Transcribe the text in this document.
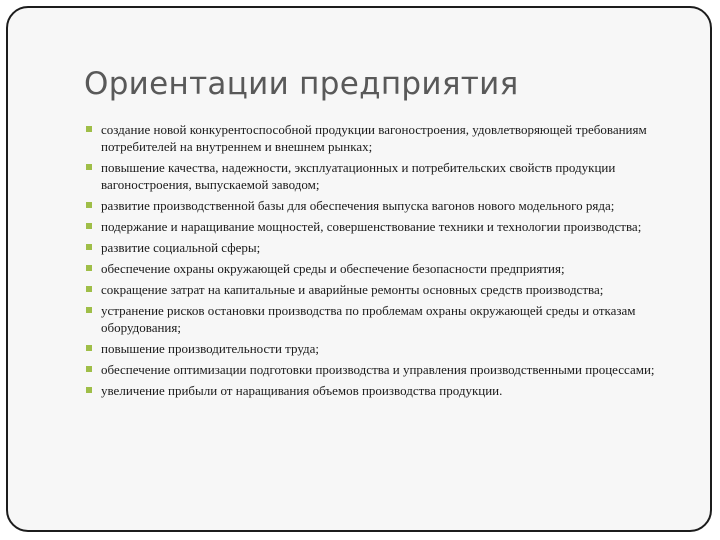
Ориентации предприятия
создание новой конкурентоспособной продукции вагоностроения, удовлетворяющей требованиям потребителей на внутреннем и внешнем рынках;
повышение качества, надежности, эксплуатационных и потребительских свойств продукции вагоностроения, выпускаемой заводом;
развитие производственной базы для обеспечения выпуска вагонов нового модельного ряда;
подержание и наращивание мощностей, совершенствование техники и технологии производства;
развитие социальной сферы;
обеспечение охраны окружающей среды и обеспечение безопасности предприятия;
сокращение затрат на капитальные и аварийные ремонты основных средств производства;
устранение рисков остановки производства по проблемам охраны окружающей среды и отказам оборудования;
повышение производительности труда;
обеспечение оптимизации подготовки производства и управления производственными процессами;
увеличение прибыли от наращивания объемов производства продукции.
